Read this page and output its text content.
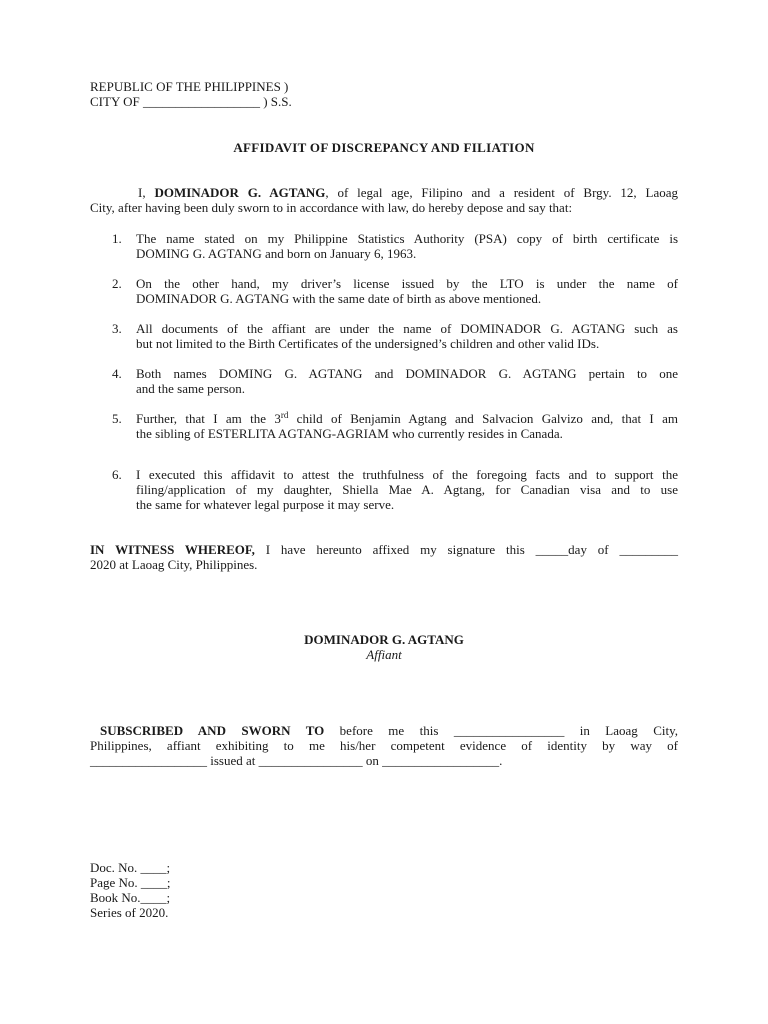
REPUBLIC OF THE PHILIPPINES )
CITY OF __________________ ) S.S.
AFFIDAVIT OF DISCREPANCY AND FILIATION
I, DOMINADOR G. AGTANG, of legal age, Filipino and a resident of Brgy. 12, Laoag
City, after having been duly sworn to in accordance with law, do hereby depose and say that:
1.	The name stated on my Philippine Statistics Authority (PSA) copy of birth certificate is
DOMING G. AGTANG and born on January 6, 1963.
2.	On the other hand, my driver’s license issued by the LTO is under the name of
DOMINADOR G. AGTANG with the same date of birth as above mentioned.
3.	All documents of the affiant are under the name of DOMINADOR G. AGTANG such as
but not limited to the Birth Certificates of the undersigned’s children and other valid IDs.
4.	Both names DOMING G. AGTANG and DOMINADOR G. AGTANG pertain to one
and the same person.
5.	Further, that I am the 3rd child of Benjamin Agtang and Salvacion Galvizo and, that I am
the sibling of ESTERLITA AGTANG-AGRIAM who currently resides in Canada.
6.	I executed this affidavit to attest the truthfulness of the foregoing facts and to support the
filing/application of my daughter, Shiella Mae A. Agtang, for Canadian visa and to use
the same for whatever legal purpose it may serve.
IN WITNESS WHEREOF, I have hereunto affixed my signature this _____day of _________
2020 at Laoag City, Philippines.
DOMINADOR G. AGTANG
Affiant
SUBSCRIBED AND SWORN TO before me this _________________ in Laoag City,
Philippines, affiant exhibiting to me his/her competent evidence of identity by way of
__________________ issued at ________________ on __________________.
Doc. No. ____;
Page No. ____;
Book No.____;
Series of 2020.
